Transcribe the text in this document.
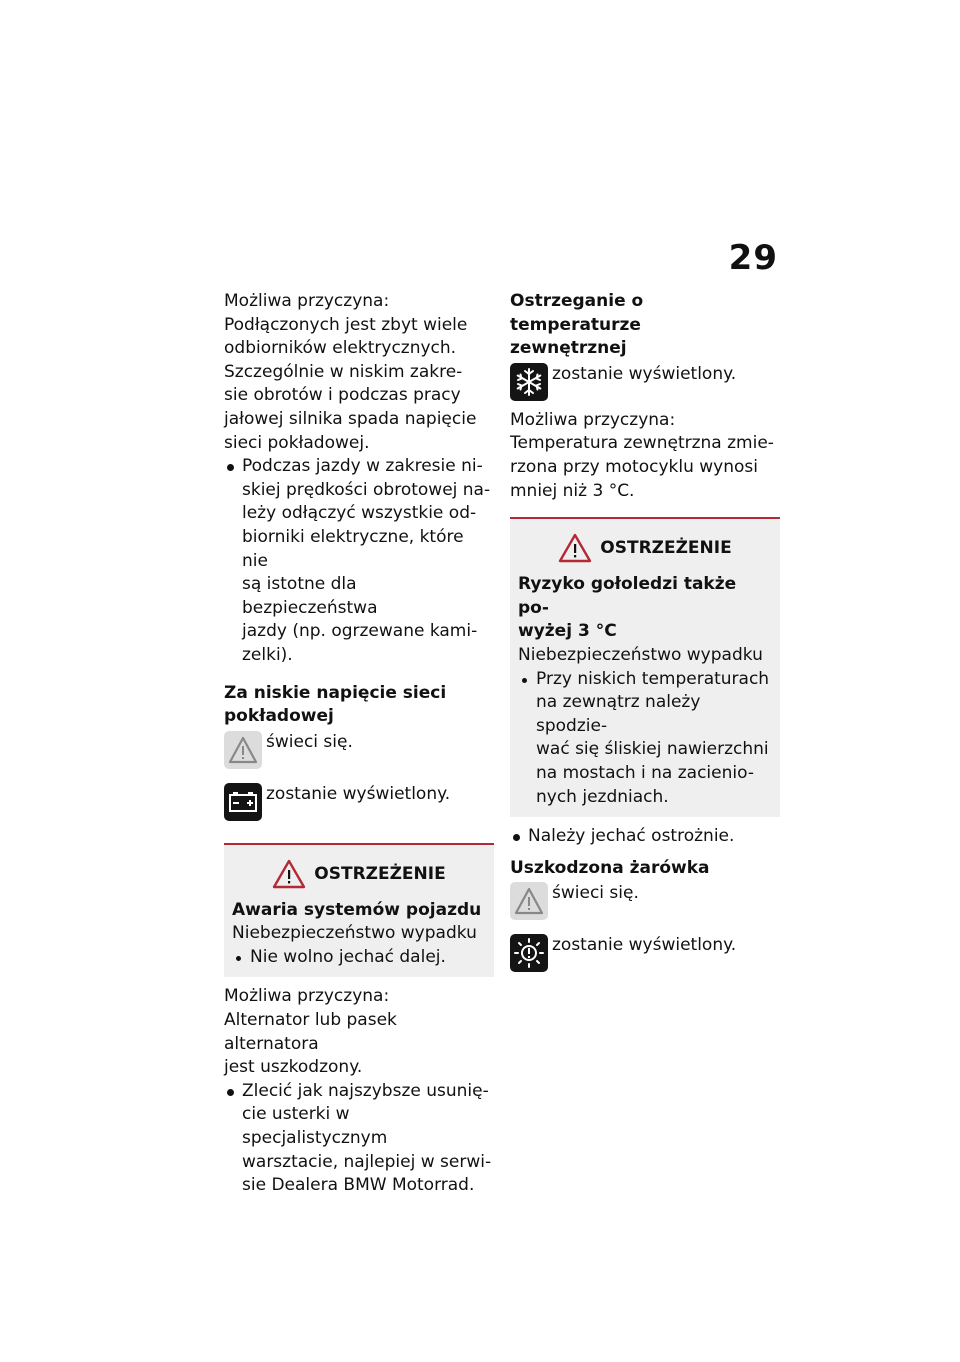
29
Możliwa przyczyna:
Podłączonych jest zbyt wiele
odbiorników elektrycznych.
Szczególnie w niskim zakre-
sie obrotów i podczas pracy
jałowej silnika spada napięcie
sieci pokładowej.
Podczas jazdy w zakresie ni-
skiej prędkości obrotowej na-
leży odłączyć wszystkie od-
biorniki elektryczne, które nie
są istotne dla bezpieczeństwa
jazdy (np. ogrzewane kami-
zelki).
Za niskie napięcie sieci
pokładowej
świeci się.
zostanie wyświetlony.
OSTRZEŻENIE
Awaria systemów pojazdu
Niebezpieczeństwo wypadku
Nie wolno jechać dalej.
Możliwa przyczyna:
Alternator lub pasek alternatora
jest uszkodzony.
Zlecić jak najszybsze usunię-
cie usterki w specjalistycznym
warsztacie, najlepiej w serwi-
sie Dealera BMW Motorrad.
Ostrzeganie o temperaturze
zewnętrznej
zostanie wyświetlony.
Możliwa przyczyna:
Temperatura zewnętrzna zmie-
rzona przy motocyklu wynosi
mniej niż 3 °C.
OSTRZEŻENIE
Ryzyko gołoledzi także po-
wyżej 3 °C
Niebezpieczeństwo wypadku
Przy niskich temperaturach
na zewnątrz należy spodzie-
wać się śliskiej nawierzchni
na mostach i na zacienio-
nych jezdniach.
Należy jechać ostrożnie.
Uszkodzona żarówka
świeci się.
zostanie wyświetlony.
